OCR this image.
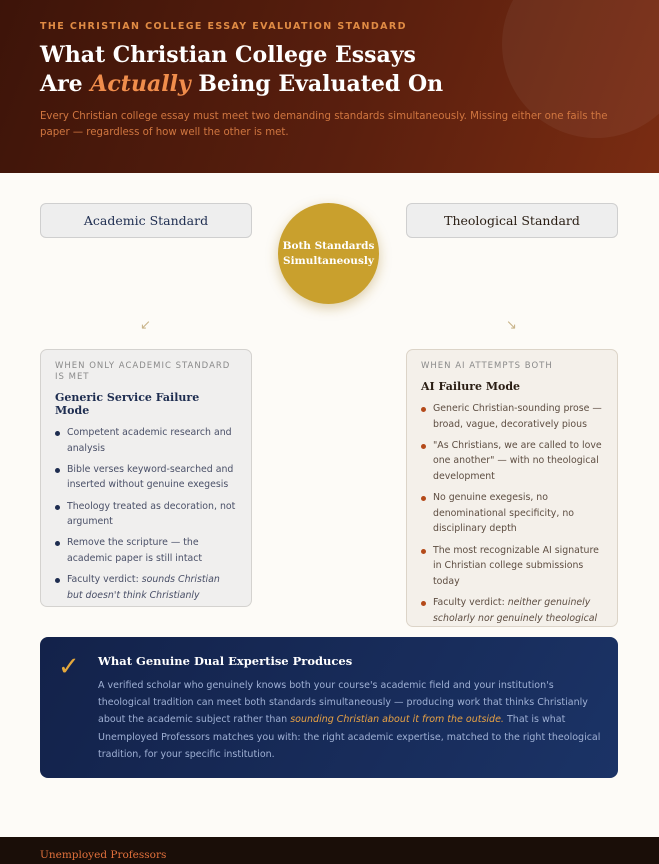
THE CHRISTIAN COLLEGE ESSAY EVALUATION STANDARD
What Christian College Essays
Are Actually Being Evaluated On

Every Christian college essay must meet two demanding standards simultaneously. Missing either one fails the paper — regardless of how well the other is met.

Academic Standard
Both Standards
Simultaneously
Theological Standard
↙	↘
WHEN ONLY ACADEMIC STANDARD IS MET
Generic Service Failure Mode
Competent academic research and analysis
Bible verses keyword-searched and inserted without genuine exegesis
Theology treated as decoration, not argument
Remove the scripture — the academic paper is still intact
Faculty verdict: sounds Christian but doesn't think Christianly
WHEN AI ATTEMPTS BOTH
AI Failure Mode
Generic Christian-sounding prose — broad, vague, decoratively pious
"As Christians, we are called to love one another" — with no theological development
No genuine exegesis, no denominational specificity, no disciplinary depth
The most recognizable AI signature in Christian college submissions today
Faculty verdict: neither genuinely scholarly nor genuinely theological
✓ What Genuine Dual Expertise Produces

A verified scholar who genuinely knows both your course's academic field and your institution's theological tradition can meet both standards simultaneously — producing work that thinks Christianly about the academic subject rather than sounding Christian about it from the outside. That is what Unemployed Professors matches you with: the right academic expertise, matched to the right theological tradition, for your specific institution.

Unemployed Professors
